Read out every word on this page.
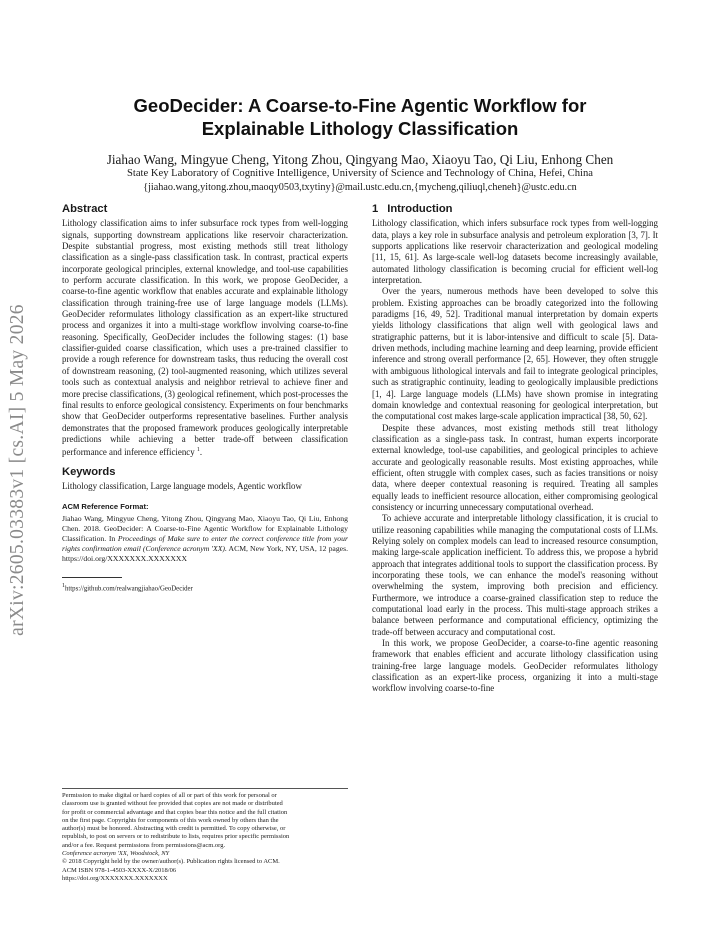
arXiv:2605.03383v1 [cs.AI] 5 May 2026
GeoDecider: A Coarse-to-Fine Agentic Workflow for
Explainable Lithology Classification
Jiahao Wang, Mingyue Cheng, Yitong Zhou, Qingyang Mao, Xiaoyu Tao, Qi Liu, Enhong Chen
State Key Laboratory of Cognitive Intelligence, University of Science and Technology of China, Hefei, China
{jiahao.wang,yitong.zhou,maoqy0503,txytiny}@mail.ustc.edu.cn,{mycheng,qiliuql,cheneh}@ustc.edu.cn
Abstract

Lithology classification aims to infer subsurface rock types from well-logging signals, supporting downstream applications like reservoir characterization. Despite substantial progress, most existing methods still treat lithology classification as a single-pass classification task. In contrast, practical experts incorporate geological principles, external knowledge, and tool-use capabilities to perform accurate classification. In this work, we propose GeoDecider, a coarse-to-fine agentic workflow that enables accurate and explainable lithology classification through training-free use of large language models (LLMs). GeoDecider reformulates lithology classification as an expert-like structured process and organizes it into a multi-stage workflow involving coarse-to-fine reasoning. Specifically, GeoDecider includes the following stages: (1) base classifier-guided coarse classification, which uses a pre-trained classifier to provide a rough reference for downstream tasks, thus reducing the overall cost of downstream reasoning, (2) tool-augmented reasoning, which utilizes several tools such as contextual analysis and neighbor retrieval to achieve finer and more precise classifications, (3) geological refinement, which post-processes the final results to enforce geological consistency. Experiments on four benchmarks show that GeoDecider outperforms representative baselines. Further analysis demonstrates that the proposed framework produces geologically interpretable predictions while achieving a better trade-off between classification performance and inference efficiency $^1$.

Keywords

Lithology classification, Large language models, Agentic workflow

ACM Reference Format:
Jiahao Wang, Mingyue Cheng, Yitong Zhou, Qingyang Mao, Xiaoyu Tao, Qi Liu, Enhong Chen. 2018. GeoDecider: A Coarse-to-Fine Agentic Workflow for Explainable Lithology Classification. In Proceedings of Make sure to enter the correct conference title from your rights confirmation email (Conference acronym 'XX). ACM, New York, NY, USA, 12 pages. https://doi.org/XXXXXXX.XXXXXXX
$^1$https://github.com/realwangjiahao/GeoDecider
Permission to make digital or hard copies of all or part of this work for personal or
classroom use is granted without fee provided that copies are not made or distributed
for profit or commercial advantage and that copies bear this notice and the full citation
on the first page. Copyrights for components of this work owned by others than the
author(s) must be honored. Abstracting with credit is permitted. To copy otherwise, or
republish, to post on servers or to redistribute to lists, requires prior specific permission
and/or a fee. Request permissions from permissions@acm.org.
Conference acronym 'XX, Woodstock, NY
© 2018 Copyright held by the owner/author(s). Publication rights licensed to ACM.
ACM ISBN 978-1-4503-XXXX-X/2018/06
https://doi.org/XXXXXXX.XXXXXXX
1 Introduction

Lithology classification, which infers subsurface rock types from well-logging data, plays a key role in subsurface analysis and petroleum exploration [3, 7]. It supports applications like reservoir characterization and geological modeling [11, 15, 61]. As large-scale well-log datasets become increasingly available, automated lithology classification is becoming crucial for efficient well-log interpretation.

Over the years, numerous methods have been developed to solve this problem. Existing approaches can be broadly categorized into the following paradigms [16, 49, 52]. Traditional manual interpretation by domain experts yields lithology classifications that align well with geological laws and stratigraphic patterns, but it is labor-intensive and difficult to scale [5]. Data-driven methods, including machine learning and deep learning, provide efficient inference and strong overall performance [2, 65]. However, they often struggle with ambiguous lithological intervals and fail to integrate geological principles, such as stratigraphic continuity, leading to geologically implausible predictions [1, 4]. Large language models (LLMs) have shown promise in integrating domain knowledge and contextual reasoning for geological interpretation, but the computational cost makes large-scale application impractical [38, 50, 62].

Despite these advances, most existing methods still treat lithology classification as a single-pass task. In contrast, human experts incorporate external knowledge, tool-use capabilities, and geological principles to achieve accurate and geologically reasonable results. Most existing approaches, while efficient, often struggle with complex cases, such as facies transitions or noisy data, where deeper contextual reasoning is required. Treating all samples equally leads to inefficient resource allocation, either compromising geological consistency or incurring unnecessary computational overhead.

To achieve accurate and interpretable lithology classification, it is crucial to utilize reasoning capabilities while managing the computational costs of LLMs. Relying solely on complex models can lead to increased resource consumption, making large-scale application inefficient. To address this, we propose a hybrid approach that integrates additional tools to support the classification process. By incorporating these tools, we can enhance the model's reasoning without overwhelming the system, improving both precision and efficiency. Furthermore, we introduce a coarse-grained classification step to reduce the computational load early in the process. This multi-stage approach strikes a balance between performance and computational efficiency, optimizing the trade-off between accuracy and computational cost.

In this work, we propose GeoDecider, a coarse-to-fine agentic reasoning framework that enables efficient and accurate lithology classification using training-free large language models. GeoDecider reformulates lithology classification as an expert-like process, organizing it into a multi-stage workflow involving coarse-to-fine
